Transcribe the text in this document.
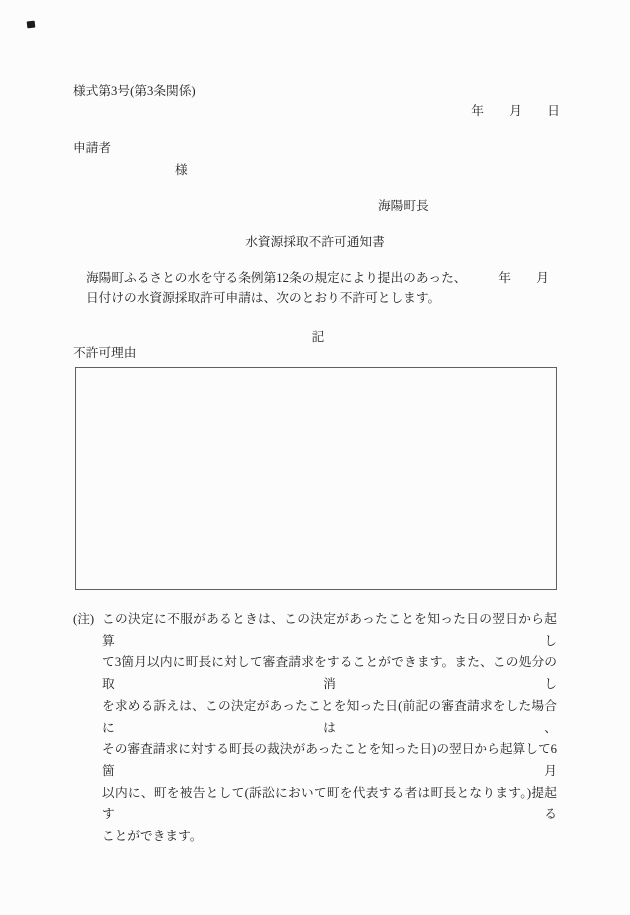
様式第3号(第3条関係)
年　　月　　日
申請者
様
海陽町長
水資源採取不許可通知書
海陽町ふるさとの水を守る条例第12条の規定により提出のあった、　　　年　　月
日付けの水資源採取許可申請は、次のとおり不許可とします。
記
不許可理由
(注) この決定に不服があるときは、この決定があったことを知った日の翌日から起算し
て3箇月以内に町長に対して審査請求をすることができます。また、この処分の取消し
を求める訴えは、この決定があったことを知った日(前記の審査請求をした場合には、
その審査請求に対する町長の裁決があったことを知った日)の翌日から起算して6箇月
以内に、町を被告として(訴訟において町を代表する者は町長となります。)提起する
ことができます。
